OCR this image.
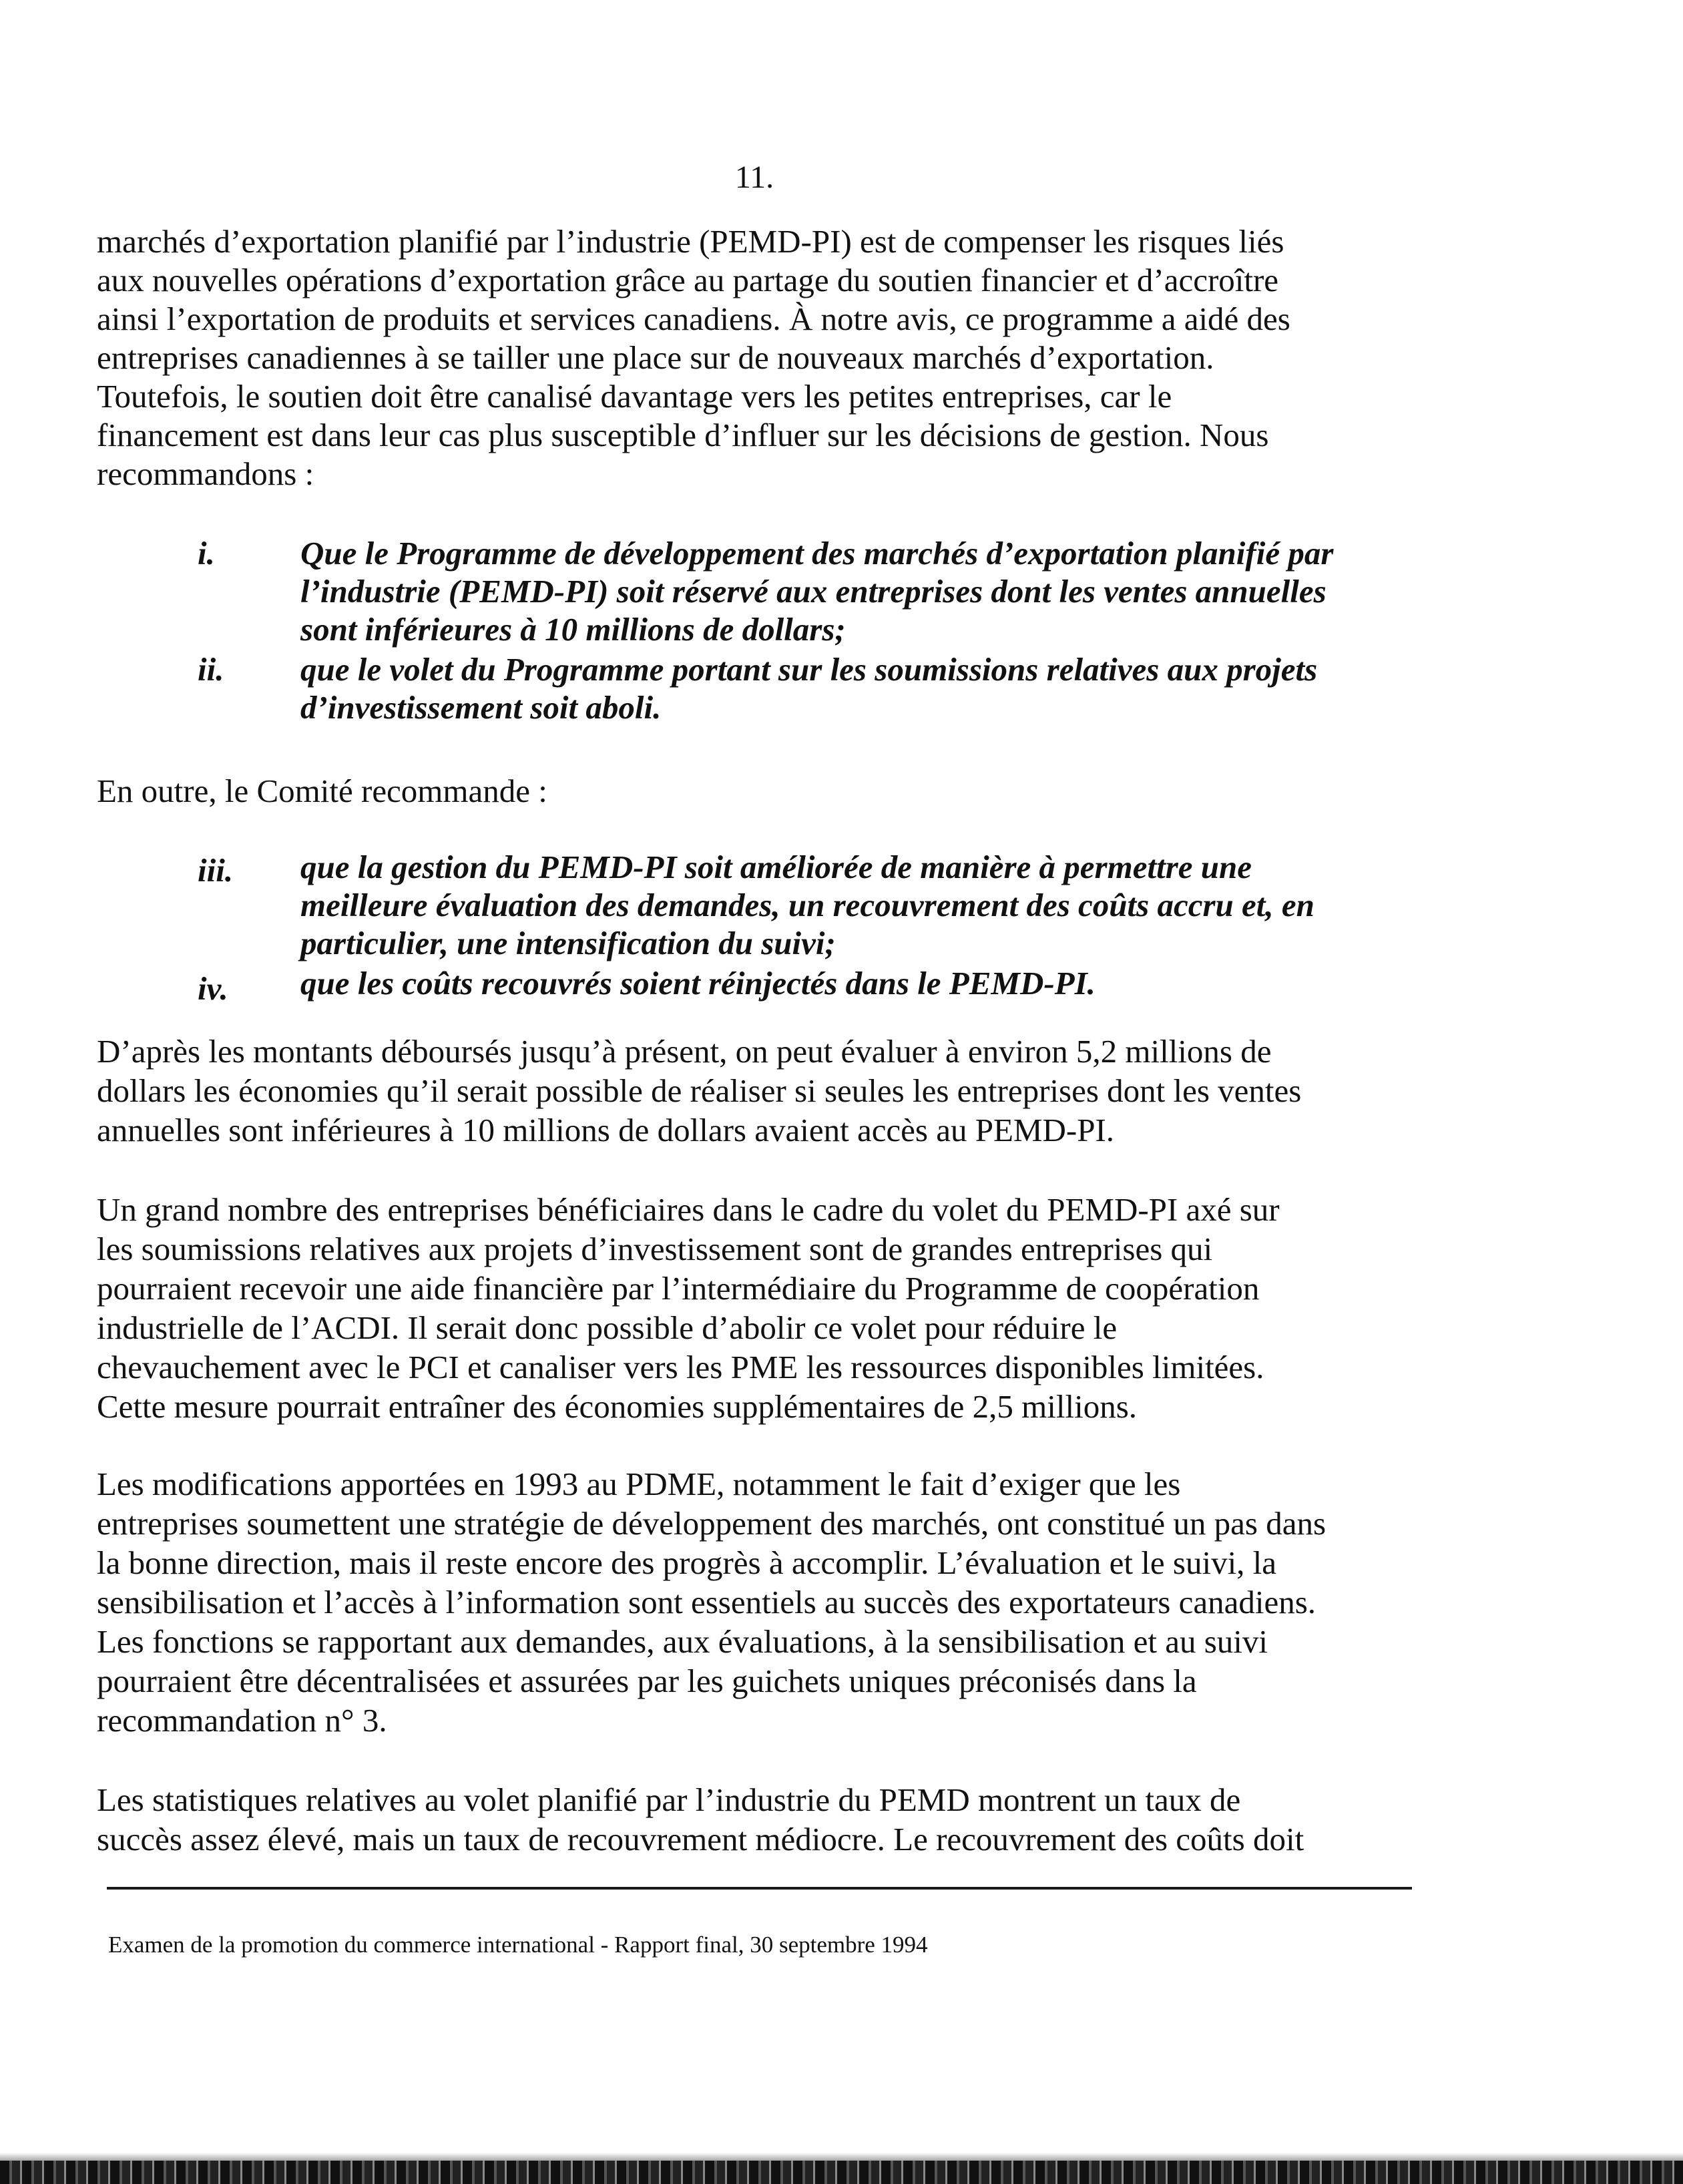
11.
marchés d’exportation planifié par l’industrie (PEMD-PI) est de compenser les risques liés
aux nouvelles opérations d’exportation grâce au partage du soutien financier et d’accroître
ainsi l’exportation de produits et services canadiens. À notre avis, ce programme a aidé des
entreprises canadiennes à se tailler une place sur de nouveaux marchés d’exportation.
Toutefois, le soutien doit être canalisé davantage vers les petites entreprises, car le
financement est dans leur cas plus susceptible d’influer sur les décisions de gestion. Nous
recommandons :
i.	Que le Programme de développement des marchés d’exportation planifié par
l’industrie (PEMD-PI) soit réservé aux entreprises dont les ventes annuelles
sont inférieures à 10 millions de dollars;
ii. que le volet du Programme portant sur les soumissions relatives aux projets
d’investissement soit aboli.
En outre, le Comité recommande :
iii. que la gestion du PEMD-PI soit améliorée de manière à permettre une
meilleure évaluation des demandes, un recouvrement des coûts accru et, en
particulier, une intensification du suivi;
iv. que les coûts recouvrés soient réinjectés dans le PEMD-PI.
D’après les montants déboursés jusqu’à présent, on peut évaluer à environ 5,2 millions de
dollars les économies qu’il serait possible de réaliser si seules les entreprises dont les ventes
annuelles sont inférieures à 10 millions de dollars avaient accès au PEMD-PI.
Un grand nombre des entreprises bénéficiaires dans le cadre du volet du PEMD-PI axé sur
les soumissions relatives aux projets d’investissement sont de grandes entreprises qui
pourraient recevoir une aide financière par l’intermédiaire du Programme de coopération
industrielle de l’ACDI. Il serait donc possible d’abolir ce volet pour réduire le
chevauchement avec le PCI et canaliser vers les PME les ressources disponibles limitées.
Cette mesure pourrait entraîner des économies supplémentaires de 2,5 millions.
Les modifications apportées en 1993 au PDME, notamment le fait d’exiger que les
entreprises soumettent une stratégie de développement des marchés, ont constitué un pas dans
la bonne direction, mais il reste encore des progrès à accomplir. L’évaluation et le suivi, la
sensibilisation et l’accès à l’information sont essentiels au succès des exportateurs canadiens.
Les fonctions se rapportant aux demandes, aux évaluations, à la sensibilisation et au suivi
pourraient être décentralisées et assurées par les guichets uniques préconisés dans la
recommandation n° 3.
Les statistiques relatives au volet planifié par l’industrie du PEMD montrent un taux de
succès assez élevé, mais un taux de recouvrement médiocre. Le recouvrement des coûts doit
Examen de la promotion du commerce international - Rapport final, 30 septembre 1994
